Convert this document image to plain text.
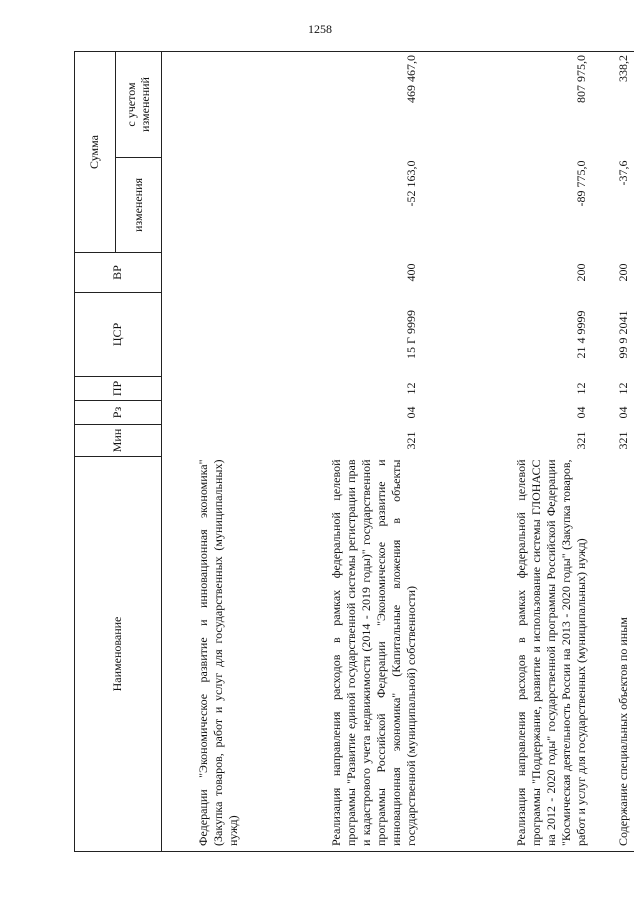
1258
Наименование	Мин	Рз	ПР	ЦСР	ВР	Сумма	
						изменения	с учетом изменений
Федерации "Экономическое развитие и инновационная экономика" (Закупка товаров, работ и услуг для государственных (муниципальных) нужд)							
Реализация направления расходов в рамках федеральной целевой программы "Развитие единой государственной системы регистрации прав и кадастрового учета недвижимости (2014 - 2019 годы)" государственной программы Российской Федерации "Экономическое развитие и инновационная экономика" (Капитальные вложения в объекты государственной (муниципальной) собственности)	321	04	12	15 Г 9999	400	-52 163,0	469 467,0
Реализация направления расходов в рамках федеральной целевой программы "Поддержание, развитие и использование системы ГЛОНАСС на 2012 - 2020 годы" государственной программы Российской Федерации "Космическая деятельность России на 2013 - 2020 годы" (Закупка товаров, работ и услуг для государственных (муниципальных) нужд)	321	04	12	21 4 9999	200	-89 775,0	807 975,0
Содержание специальных объектов по иным	321	04	12	99 9 2041	200	-37,6	338,2
